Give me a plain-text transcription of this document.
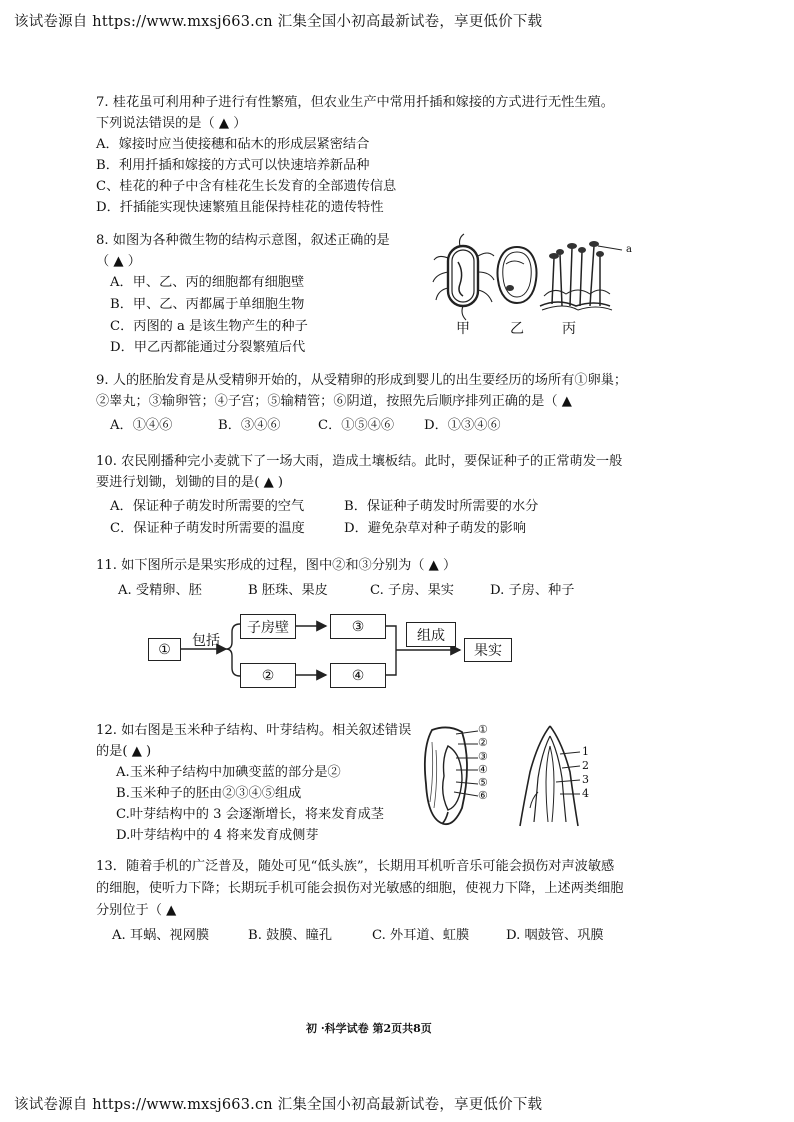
该试卷源自 https://www.mxsj663.cn 汇集全国小初高最新试卷，享更低价下载
7. 桂花虽可利用种子进行有性繁殖，但农业生产中常用扦插和嫁接的方式进行无性生殖。
下列说法错误的是（ ▲ ）
A．嫁接时应当使接穗和砧木的形成层紧密结合
B．利用扦插和嫁接的方式可以快速培养新品种
C、桂花的种子中含有桂花生长发育的全部遗传信息
D．扦插能实现快速繁殖且能保持桂花的遗传特性
8. 如图为各种微生物的结构示意图，叙述正确的是
（ ▲ ）
A．甲、乙、丙的细胞都有细胞壁
B．甲、乙、丙都属于单细胞生物
C．丙图的 a 是该生物产生的种子
D．甲乙丙都能通过分裂繁殖后代
a
甲	乙	丙
9. 人的胚胎发育是从受精卵开始的，从受精卵的形成到婴儿的出生要经历的场所有①卵巢；
②睾丸；③输卵管；④子宫；⑤输精管；⑥阴道，按照先后顺序排列正确的是（ ▲
A．①④⑥	B．③④⑥	C．①⑤④⑥ D．①③④⑥
10. 农民刚播种完小麦就下了一场大雨，造成土壤板结。此时，要保证种子的正常萌发一般
要进行划锄，划锄的目的是( ▲ )
A．保证种子萌发时所需要的空气	B．保证种子萌发时所需要的水分
C．保证种子萌发时所需要的温度	D．避免杂草对种子萌发的影响
11. 如下图所示是果实形成的过程，图中②和③分别为（ ▲ ）
A. 受精卵、胚	B 胚珠、果皮	C. 子房、果实	D. 子房、种子
①
包括
子房壁
②
③
④
组成
果实
12. 如右图是玉米种子结构、叶芽结构。相关叙述错误
的是( ▲ )
A.玉米种子结构中加碘变蓝的部分是②
B.玉米种子的胚由②③④⑤组成
C.叶芽结构中的 3 会逐渐增长，将来发育成茎
D.叶芽结构中的 4 将来发育成侧芽
①
②
③
④
⑤
⑥
1
2
3
4
13．随着手机的广泛普及，随处可见“低头族”，长期用耳机听音乐可能会损伤对声波敏感
的细胞，使听力下降；长期玩手机可能会损伤对光敏感的细胞，使视力下降，上述两类细胞
分别位于（ ▲
A. 耳蜗、视网膜	B. 鼓膜、瞳孔	C. 外耳道、虹膜	D. 咽鼓管、巩膜
初 ·科学试卷 第2页共8页
该试卷源自 https://www.mxsj663.cn 汇集全国小初高最新试卷，享更低价下载
